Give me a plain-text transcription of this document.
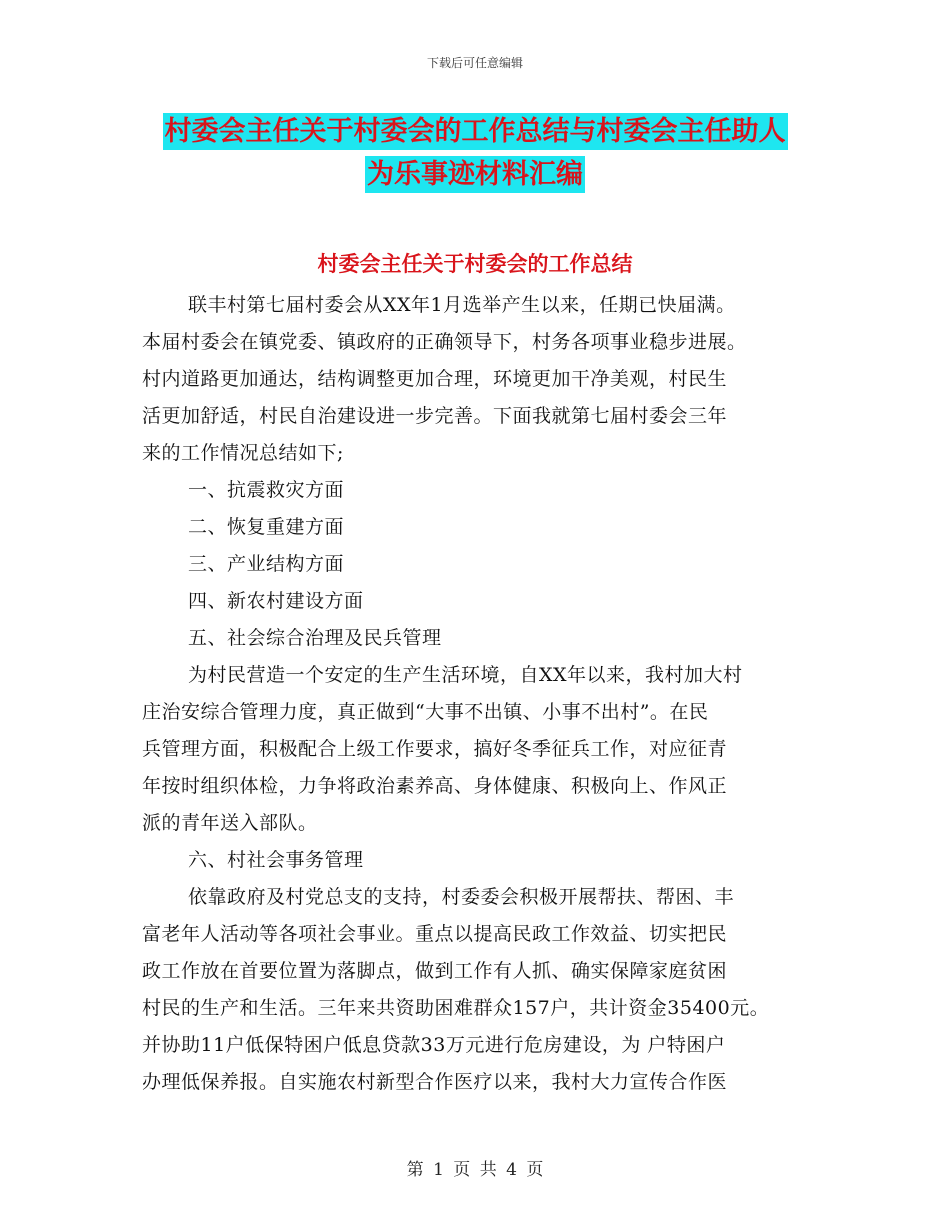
下载后可任意编辑
村委会主任关于村委会的工作总结与村委会主任助人
为乐事迹材料汇编
村委会主任关于村委会的工作总结
联丰村第七届村委会从XX年1月选举产生以来，任期已快届满。
本届村委会在镇党委、镇政府的正确领导下，村务各项事业稳步进展。
村内道路更加通达，结构调整更加合理，环境更加干净美观，村民生
活更加舒适，村民自治建设进一步完善。下面我就第七届村委会三年
来的工作情况总结如下;
一、抗震救灾方面
二、恢复重建方面
三、产业结构方面
四、新农村建设方面
五、社会综合治理及民兵管理
为村民营造一个安定的生产生活环境，自XX年以来，我村加大村
庄治安综合管理力度，真正做到“大事不出镇、小事不出村”。在民
兵管理方面，积极配合上级工作要求，搞好冬季征兵工作，对应征青
年按时组织体检，力争将政治素养高、身体健康、积极向上、作风正
派的青年送入部队。
六、村社会事务管理
依靠政府及村党总支的支持，村委委会积极开展帮扶、帮困、丰
富老年人活动等各项社会事业。重点以提高民政工作效益、切实把民
政工作放在首要位置为落脚点，做到工作有人抓、确实保障家庭贫困
村民的生产和生活。三年来共资助困难群众157户，共计资金35400元。
并协助11户低保特困户低息贷款33万元进行危房建设，为 户特困户
办理低保养报。自实施农村新型合作医疗以来，我村大力宣传合作医
第 1 页 共 4 页
